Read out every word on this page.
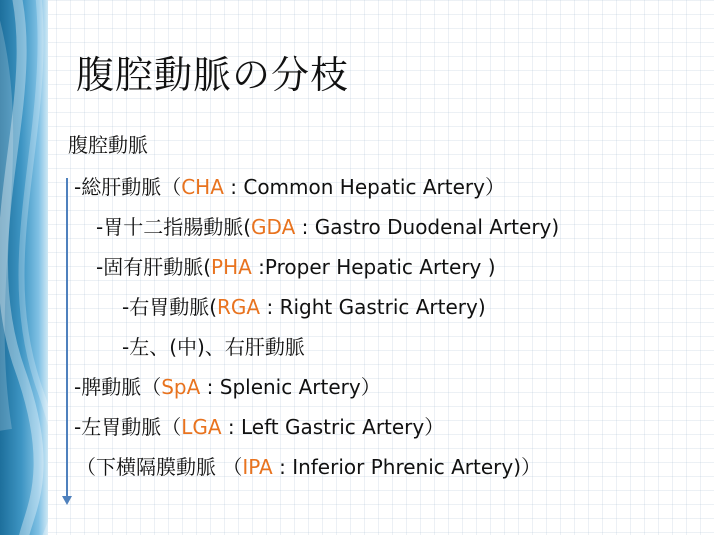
腹腔動脈の分枝
腹腔動脈
-総肝動脈（CHA : Common Hepatic Artery）
-胃十二指腸動脈(GDA : Gastro Duodenal Artery)
-固有肝動脈(PHA :Proper Hepatic Artery )
-右胃動脈(RGA : Right Gastric Artery)
-左、(中)、右肝動脈
-脾動脈（SpA : Splenic Artery）
-左胃動脈（LGA : Left Gastric Artery）
（下横隔膜動脈 （IPA : Inferior Phrenic Artery)）
